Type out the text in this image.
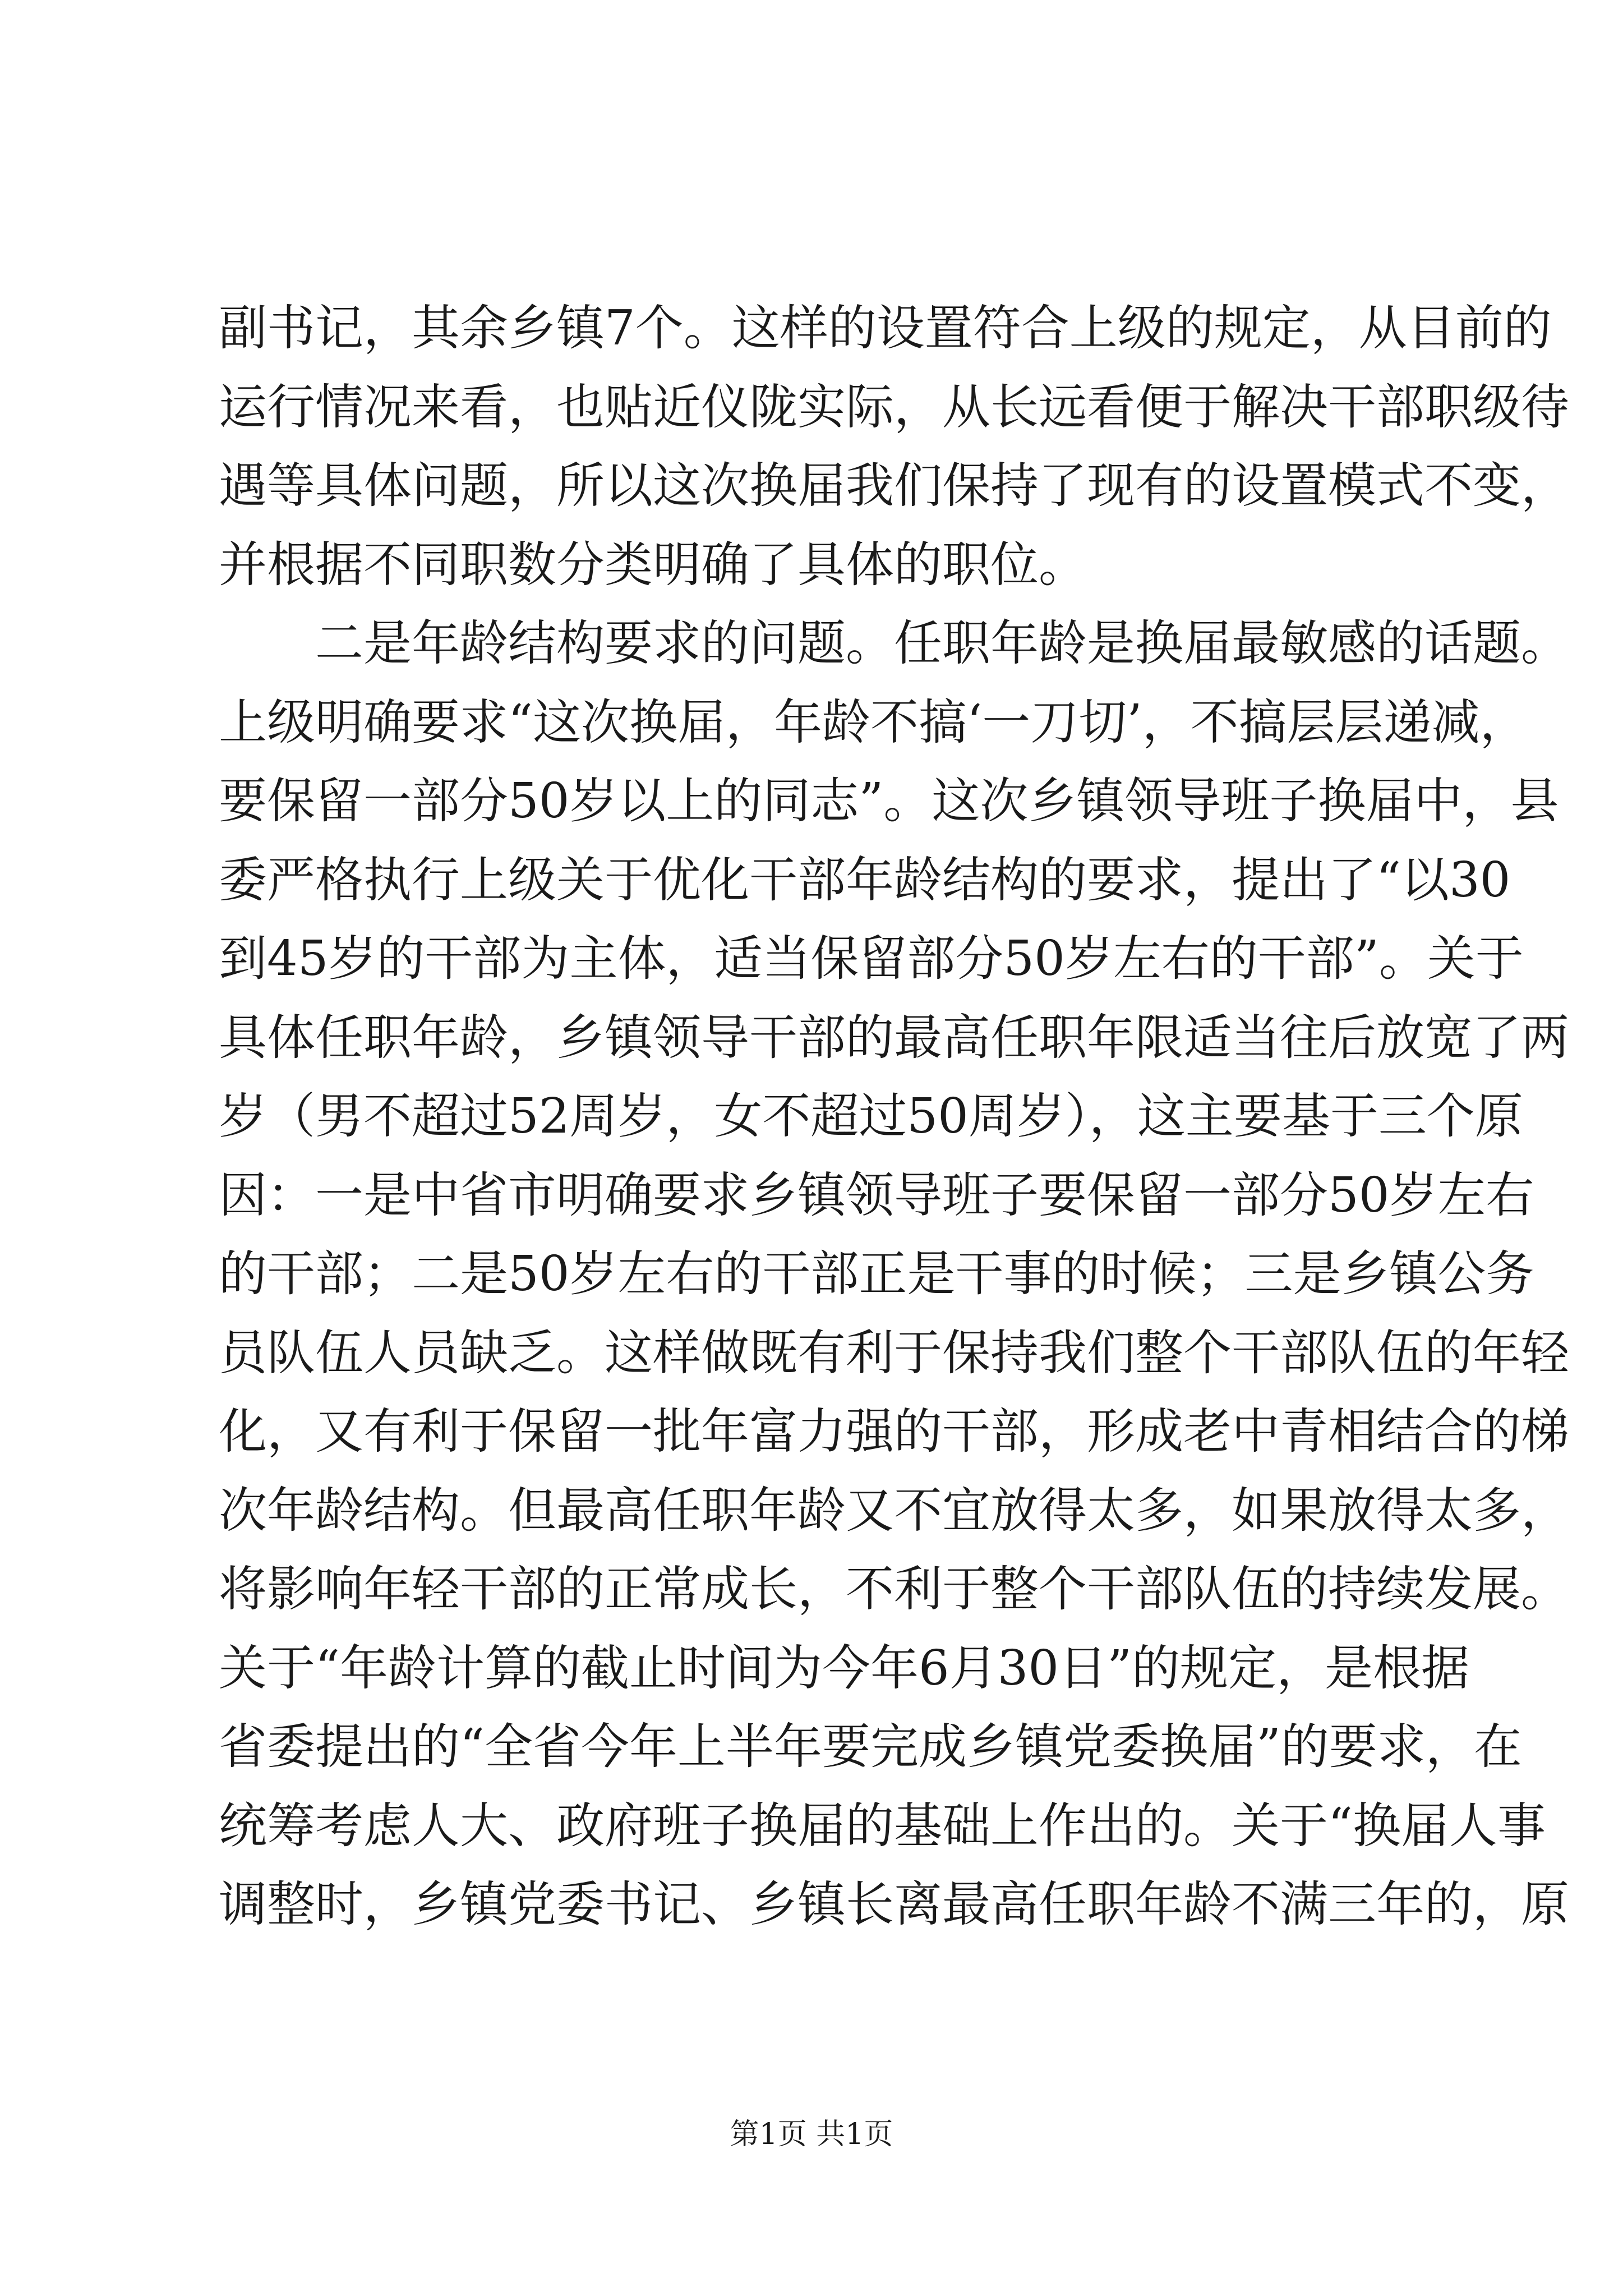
副书记，其余乡镇7个。这样的设置符合上级的规定，从目前的
运行情况来看，也贴近仪陇实际，从长远看便于解决干部职级待
遇等具体问题，所以这次换届我们保持了现有的设置模式不变，
并根据不同职数分类明确了具体的职位。
二是年龄结构要求的问题。任职年龄是换届最敏感的话题。
上级明确要求“这次换届，年龄不搞‘一刀切’，不搞层层递减，
要保留一部分50岁以上的同志”。这次乡镇领导班子换届中，县
委严格执行上级关于优化干部年龄结构的要求，提出了“以30
到45岁的干部为主体，适当保留部分50岁左右的干部”。关于
具体任职年龄，乡镇领导干部的最高任职年限适当往后放宽了两
岁（男不超过52周岁，女不超过50周岁），这主要基于三个原
因：一是中省市明确要求乡镇领导班子要保留一部分50岁左右
的干部；二是50岁左右的干部正是干事的时候；三是乡镇公务
员队伍人员缺乏。这样做既有利于保持我们整个干部队伍的年轻
化，又有利于保留一批年富力强的干部，形成老中青相结合的梯
次年龄结构。但最高任职年龄又不宜放得太多，如果放得太多，
将影响年轻干部的正常成长，不利于整个干部队伍的持续发展。
关于“年龄计算的截止时间为今年6月30日”的规定，是根据
省委提出的“全省今年上半年要完成乡镇党委换届”的要求，在
统筹考虑人大、政府班子换届的基础上作出的。关于“换届人事
调整时，乡镇党委书记、乡镇长离最高任职年龄不满三年的，原
第1页 共1页
